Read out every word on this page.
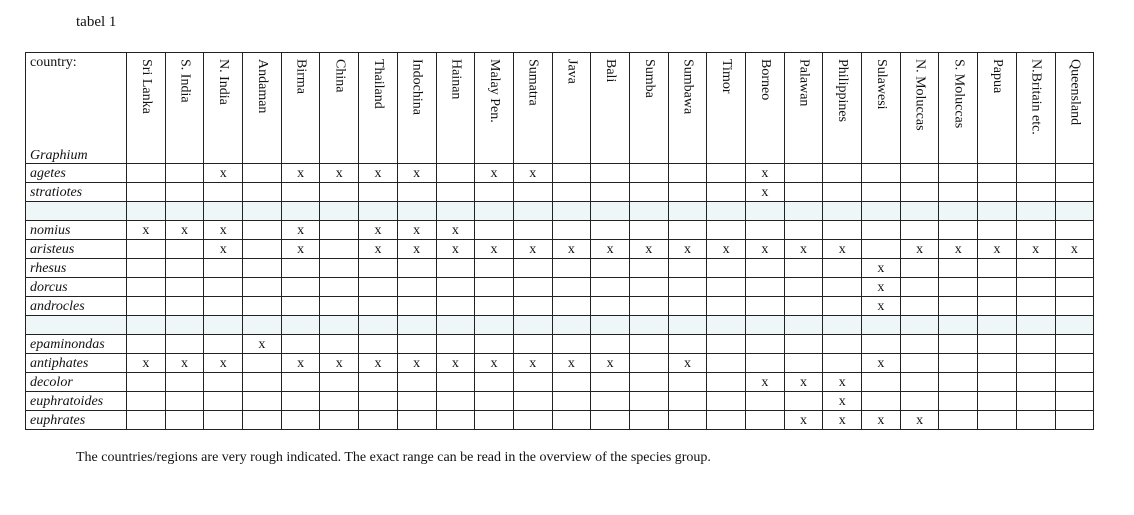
tabel 1
country:
Graphium	Sri Lanka	S. India	N. India	Andaman	Birma	China	Thailand	Indochina	Hainan	Malay Pen.	Sumatra	Java	Bali	Sumba	Sumbawa	Timor	Borneo	Palawan	Philippines	Sulawesi	N. Moluccas	S. Moluccas	Papua	N.Britain etc.	Queensland

agetes			x		x	x	x	x		x	x						x								
stratiotes																	x								

nomius	x	x	x		x		x	x	x																
aristeus			x		x		x	x	x	x	x	x	x	x	x	x	x	x	x		x	x	x	x	x
rhesus																				x					
dorcus																				x					
androcles																				x					

epaminondas				x																					
antiphates	x	x	x		x	x	x	x	x	x	x	x	x		x					x					
decolor																	x	x	x						
euphratoides																			x						
euphrates																		x	x	x	x				
The countries/regions are very rough indicated. The exact range can be read in the overview of the species group.
